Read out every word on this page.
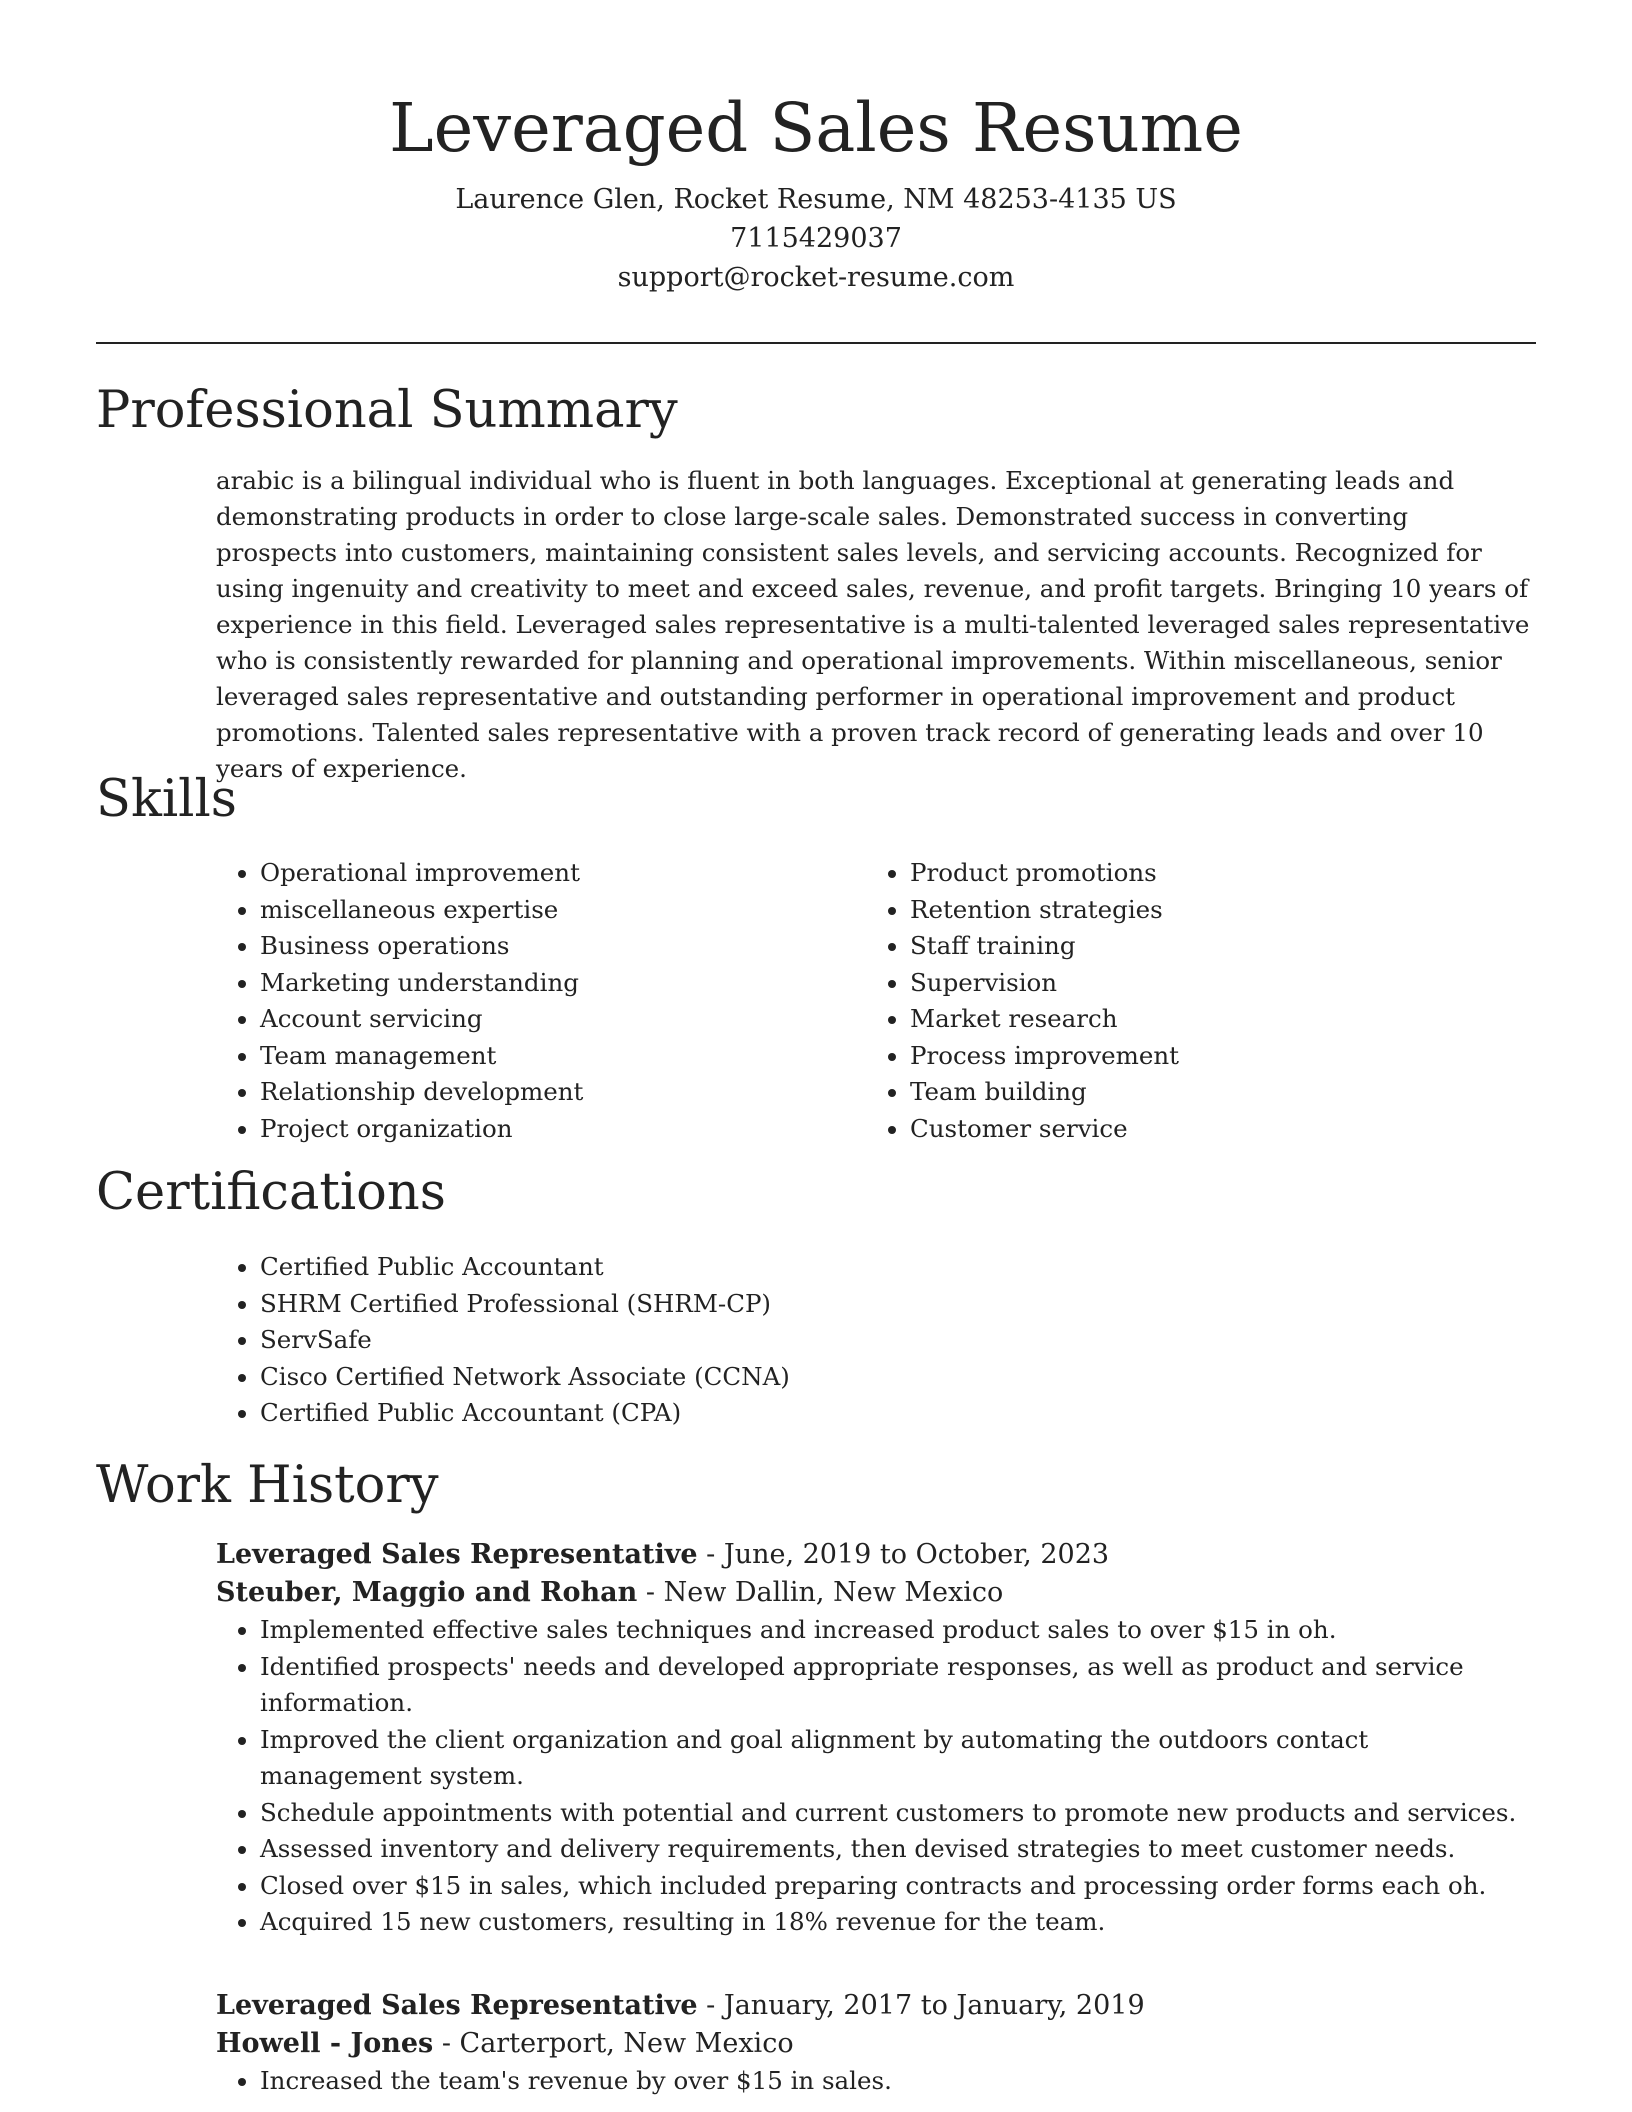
Leveraged Sales Resume

Laurence Glen, Rocket Resume, NM 48253-4135 US

7115429037

support@rocket-resume.com

Professional Summary

arabic is a bilingual individual who is fluent in both languages. Exceptional at generating leads and demonstrating products in order to close large-scale sales. Demonstrated success in converting prospects into customers, maintaining consistent sales levels, and servicing accounts. Recognized for using ingenuity and creativity to meet and exceed sales, revenue, and profit targets. Bringing 10 years of experience in this field. Leveraged sales representative is a multi-talented leveraged sales representative who is consistently rewarded for planning and operational improvements. Within miscellaneous, senior leveraged sales representative and outstanding performer in operational improvement and product promotions. Talented sales representative with a proven track record of generating leads and over 10 years of experience.

Skills
• Operational improvement
• miscellaneous expertise
• Business operations
• Marketing understanding
• Account servicing
• Team management
• Relationship development
• Project organization
• Product promotions
• Retention strategies
• Staff training
• Supervision
• Market research
• Process improvement
• Team building
• Customer service
Certifications
• Certified Public Accountant
• SHRM Certified Professional (SHRM-CP)
• ServSafe
• Cisco Certified Network Associate (CCNA)
• Certified Public Accountant (CPA)
Work History

Leveraged Sales Representative - June, 2019 to October, 2023

Steuber, Maggio and Rohan - New Dallin, New Mexico

• Implemented effective sales techniques and increased product sales to over $15 in oh.
• Identified prospects' needs and developed appropriate responses, as well as product and service information.
• Improved the client organization and goal alignment by automating the outdoors contact management system.
• Schedule appointments with potential and current customers to promote new products and services.
• Assessed inventory and delivery requirements, then devised strategies to meet customer needs.
• Closed over $15 in sales, which included preparing contracts and processing order forms each oh.
• Acquired 15 new customers, resulting in 18% revenue for the team.

Leveraged Sales Representative - January, 2017 to January, 2019

Howell - Jones - Carterport, New Mexico

• Increased the team's revenue by over $15 in sales.
